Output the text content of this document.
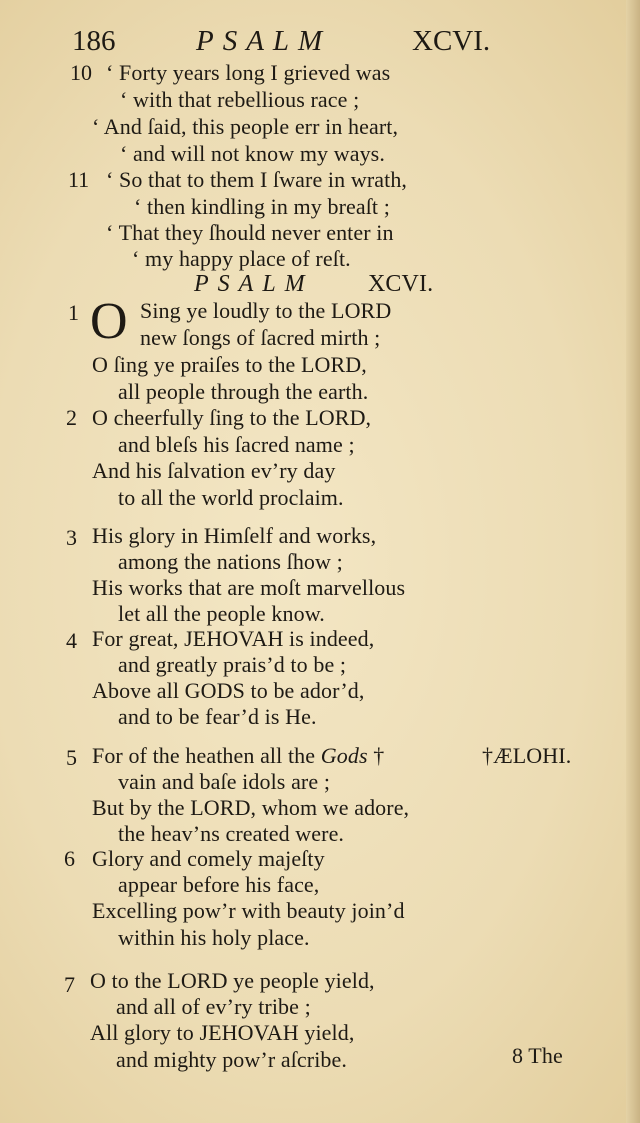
186	PSALM	XCVI.
10 ‘ Forty years long I grieved was
‘ with that rebellious race ;
‘ And ſaid, this people err in heart,
‘ and will not know my ways.
11 ‘ So that to them I ſware in wrath,
‘ then kindling in my breaſt ;
‘ That they ſhould never enter in
‘ my happy place of reſt.
PSALM XCVI.
1 O Sing ye loudly to the LORD
new ſongs of ſacred mirth ;
O ſing ye praiſes to the LORD,
all people through the earth.
2 O cheerfully ſing to the LORD,
and bleſs his ſacred name ;
And his ſalvation ev’ry day
to all the world proclaim.
3 His glory in Himſelf and works,
among the nations ſhow ;
His works that are moſt marvellous
let all the people know.
4 For great, JEHOVAH is indeed,
and greatly prais’d to be ;
Above all GODS to be ador’d,
and to be fear’d is He.
5 For of the heathen all the Gods †	†ÆLOHI.
vain and baſe idols are ;
But by the LORD, whom we adore,
the heav’ns created were.
6 Glory and comely majeſty
appear before his face,
Excelling pow’r with beauty join’d
within his holy place.
7 O to the LORD ye people yield,
and all of ev’ry tribe ;
All glory to JEHOVAH yield,
and mighty pow’r aſcribe.	8 The
